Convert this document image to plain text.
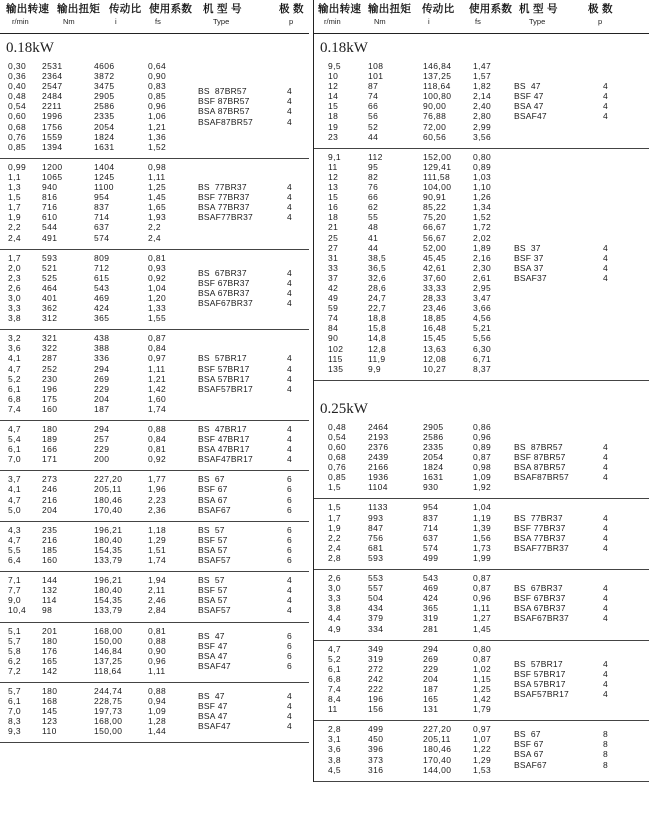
输出转速
r/min
输出扭矩
Nm
传动比
i
使用系数
fs
机 型 号
Type
极 数
p
0.18kW
0,30 2531	4606	0,64
0,36 2364	3872	0,90
0,40 2547	3475	0,83
0,48 2484	2905	0,85
0,54 2211	2586	0,96
0,60 1996	2335	1,06
0,68 1756	2054	1,21
0,76 1559	1824	1,36
0,85 1394	1631	1,52
BS  87BR57	4
BSF 87BR57	4
BSA 87BR57	4
BSAF87BR57	4
0,99 1200	1404	0,98
1,1 1065	1245	1,11
1,3 940	1100	1,25
1,5 816	954	1,45
1,7 716	837	1,65
1,9 610	714	1,93
2,2 544	637	2,2
2,4 491	574	2,4
BS  77BR37	4
BSF 77BR37	4
BSA 77BR37	4
BSAF77BR37	4
1,7 593	809	0,81
2,0 521	712	0,93
2,3 525	615	0,92
2,6 464	543	1,04
3,0 401	469	1,20
3,3 362	424	1,33
3,8 312	365	1,55
BS  67BR37	4
BSF 67BR37	4
BSA 67BR37	4
BSAF67BR37	4
3,2 321	438	0,87
3,6 322	388	0,84
4,1 287	336	0,97
4,7 252	294	1,11
5,2 230	269	1,21
6,1 196	229	1,42
6,8 175	204	1,60
7,4 160	187	1,74
BS  57BR17	4
BSF 57BR17	4
BSA 57BR17	4
BSAF57BR17	4
4,7 180	294	0,88
5,4 189	257	0,84
6,1 166	229	0,81
7,0 171	200	0,92
BS  47BR17	4
BSF 47BR17	4
BSA 47BR17	4
BSAF47BR17	4
3,7 273	227,20	1,77
4,1 246	205,11	1,96
4,7 216	180,46	2,23
5,0 204	170,40	2,36
BS  67	6
BSF 67	6
BSA 67	6
BSAF67	6
4,3 235	196,21	1,18
4,7 216	180,40	1,29
5,5 185	154,35	1,51
6,4 160	133,79	1,74
BS  57	6
BSF 57	6
BSA 57	6
BSAF57	6
7,1 144	196,21	1,94
7,7 132	180,40	2,11
9,0 114	154,35	2,46
10,4 98	133,79	2,84
BS  57	4
BSF 57	4
BSA 57	4
BSAF57	4
5,1 201	168,00	0,81
5,7 180	150,00	0,88
5,8 176	146,84	0,90
6,2 165	137,25	0,96
7,2 142	118,64	1,11
BS  47	6
BSF 47	6
BSA 47	6
BSAF47	6
5,7 180	244,74	0,88
6,1 168	228,75	0,94
7,0 145	197,73	1,09
8,3 123	168,00	1,28
9,3 110	150,00	1,44
BS  47	4
BSF 47	4
BSA 47	4
BSAF47	4
输出转速
r/min
输出扭矩
Nm
传动比
i
使用系数
fs
机 型 号
Type
极 数
p
0.18kW
9,5	108	146,84	1,47
10	101	137,25	1,57
12	87	118,64	1,82
14	74	100,80	2,14
15	66	90,00	2,40
18	56	76,88	2,80
19	52	72,00	2,99
23	44	60,56	3,56
BS  47	4
BSF 47	4
BSA 47	4
BSAF47	4
9,1	112	152,00	0,80
11	95	129,41	0,89
12	82	111,58	1,03
13	76	104,00	1,10
15	66	90,91	1,26
16	62	85,22	1,34
18	55	75,20	1,52
21	48	66,67	1,72
25	41	56,67	2,02
27	44	52,00	1,89
31	38,5	45,45	2,16
33	36,5	42,61	2,30
37	32,6	37,60	2,61
42	28,6	33,33	2,95
49	24,7	28,33	3,47
59	22,7	23,46	3,66
74	18,8	18,85	4,56
84	15,8	16,48	5,21
90	14,8	15,45	5,56
102	12,8	13,63	6,30
115	11,9	12,08	6,71
135	9,9	10,27	8,37
BS  37	4
BSF 37	4
BSA 37	4
BSAF37	4
0.25kW
0,48	2464	2905	0,86
0,54	2193	2586	0,96
0,60	2376	2335	0,89
0,68	2439	2054	0,87
0,76	2166	1824	0,98
0,85	1936	1631	1,09
1,5	1104	930	1,92
BS  87BR57	4
BSF 87BR57	4
BSA 87BR57	4
BSAF87BR57	4
1,5	1133	954	1,04
1,7	993	837	1,19
1,9	847	714	1,39
2,2	756	637	1,56
2,4	681	574	1,73
2,8	593	499	1,99
BS  77BR37	4
BSF 77BR37	4
BSA 77BR37	4
BSAF77BR37	4
2,6	553	543	0,87
3,0	557	469	0,87
3,3	504	424	0,96
3,8	434	365	1,11
4,4	379	319	1,27
4,9	334	281	1,45
BS  67BR37	4
BSF 67BR37	4
BSA 67BR37	4
BSAF67BR37	4
4,7	349	294	0,80
5,2	319	269	0,87
6,1	272	229	1,02
6,8	242	204	1,15
7,4	222	187	1,25
8,4	196	165	1,42
11	156	131	1,79
BS  57BR17	4
BSF 57BR17	4
BSA 57BR17	4
BSAF57BR17	4
2,8	499	227,20	0,97
3,1	450	205,11	1,07
3,6	396	180,46	1,22
3,8	373	170,40	1,29
4,5	316	144,00	1,53
BS  67	8
BSF 67	8
BSA 67	8
BSAF67	8
